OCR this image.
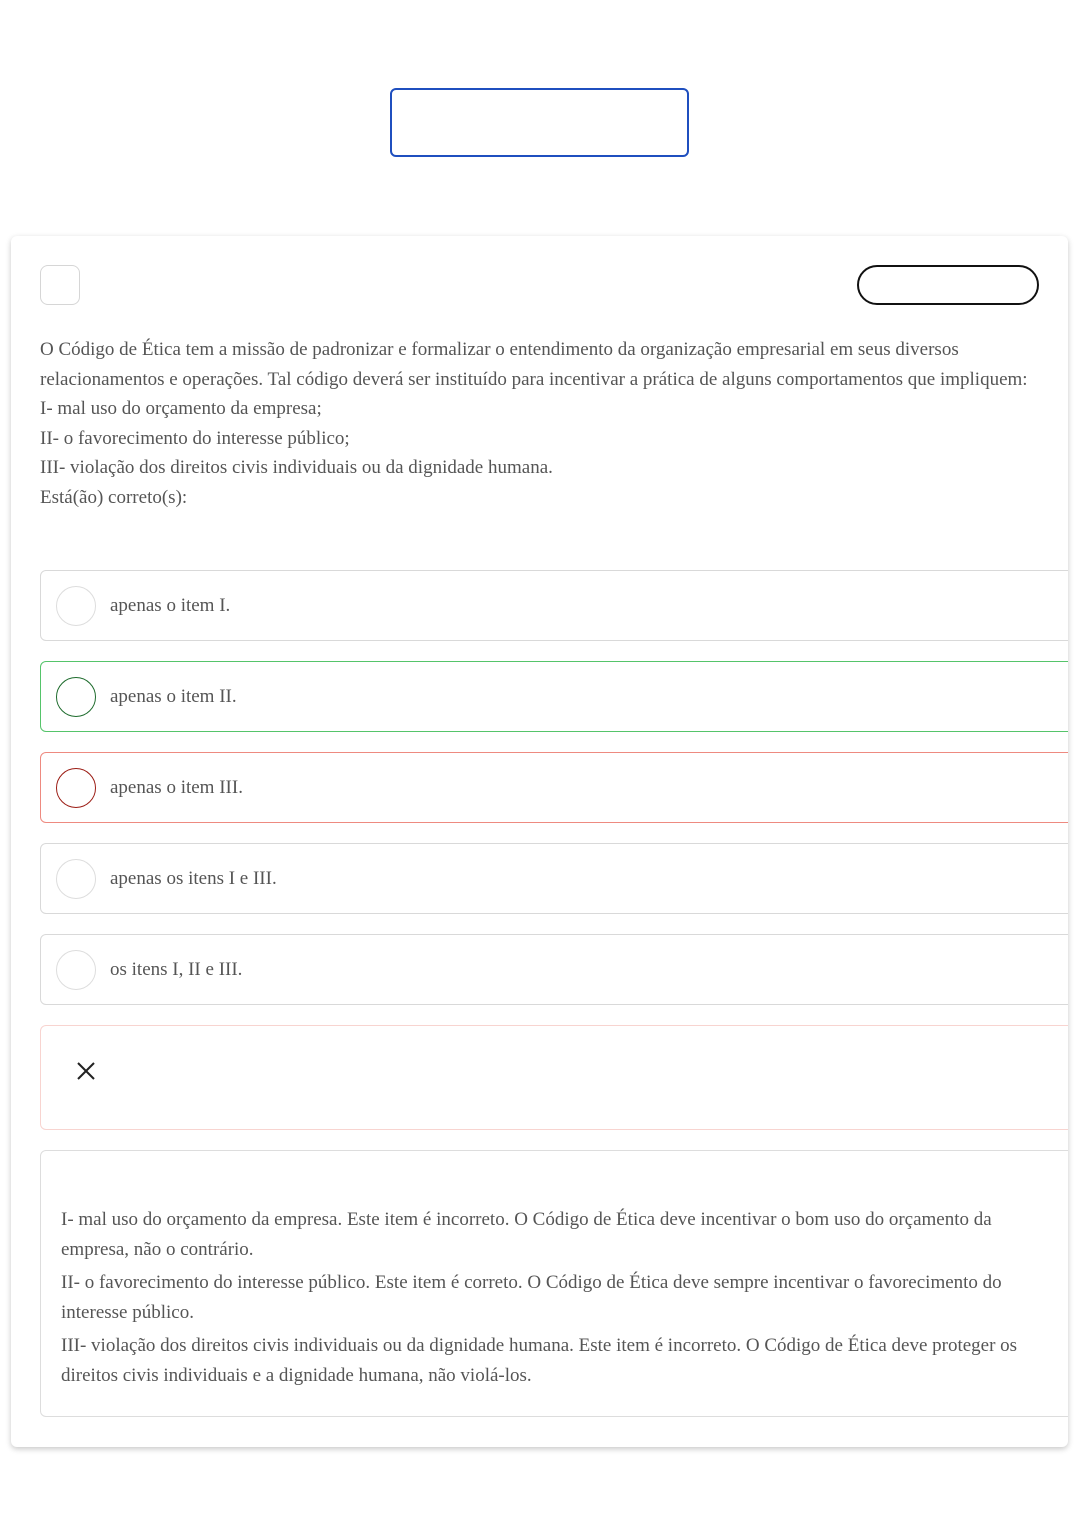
O Código de Ética tem a missão de padronizar e formalizar o entendimento da organização empresarial em seus diversos relacionamentos e operações. Tal código deverá ser instituído para incentivar a prática de alguns comportamentos que impliquem:

I- mal uso do orçamento da empresa;

II- o favorecimento do interesse público;

III- violação dos direitos civis individuais ou da dignidade humana.

Está(ão) correto(s):

apenas o item I.
apenas o item II.
apenas o item III.
apenas os itens I e III.
os itens I, II e III.

I- mal uso do orçamento da empresa. Este item é incorreto. O Código de Ética deve incentivar o bom uso do orçamento da empresa, não o contrário.

II- o favorecimento do interesse público. Este item é correto. O Código de Ética deve sempre incentivar o favorecimento do interesse público.

III- violação dos direitos civis individuais ou da dignidade humana. Este item é incorreto. O Código de Ética deve proteger os direitos civis individuais e a dignidade humana, não violá-los.
